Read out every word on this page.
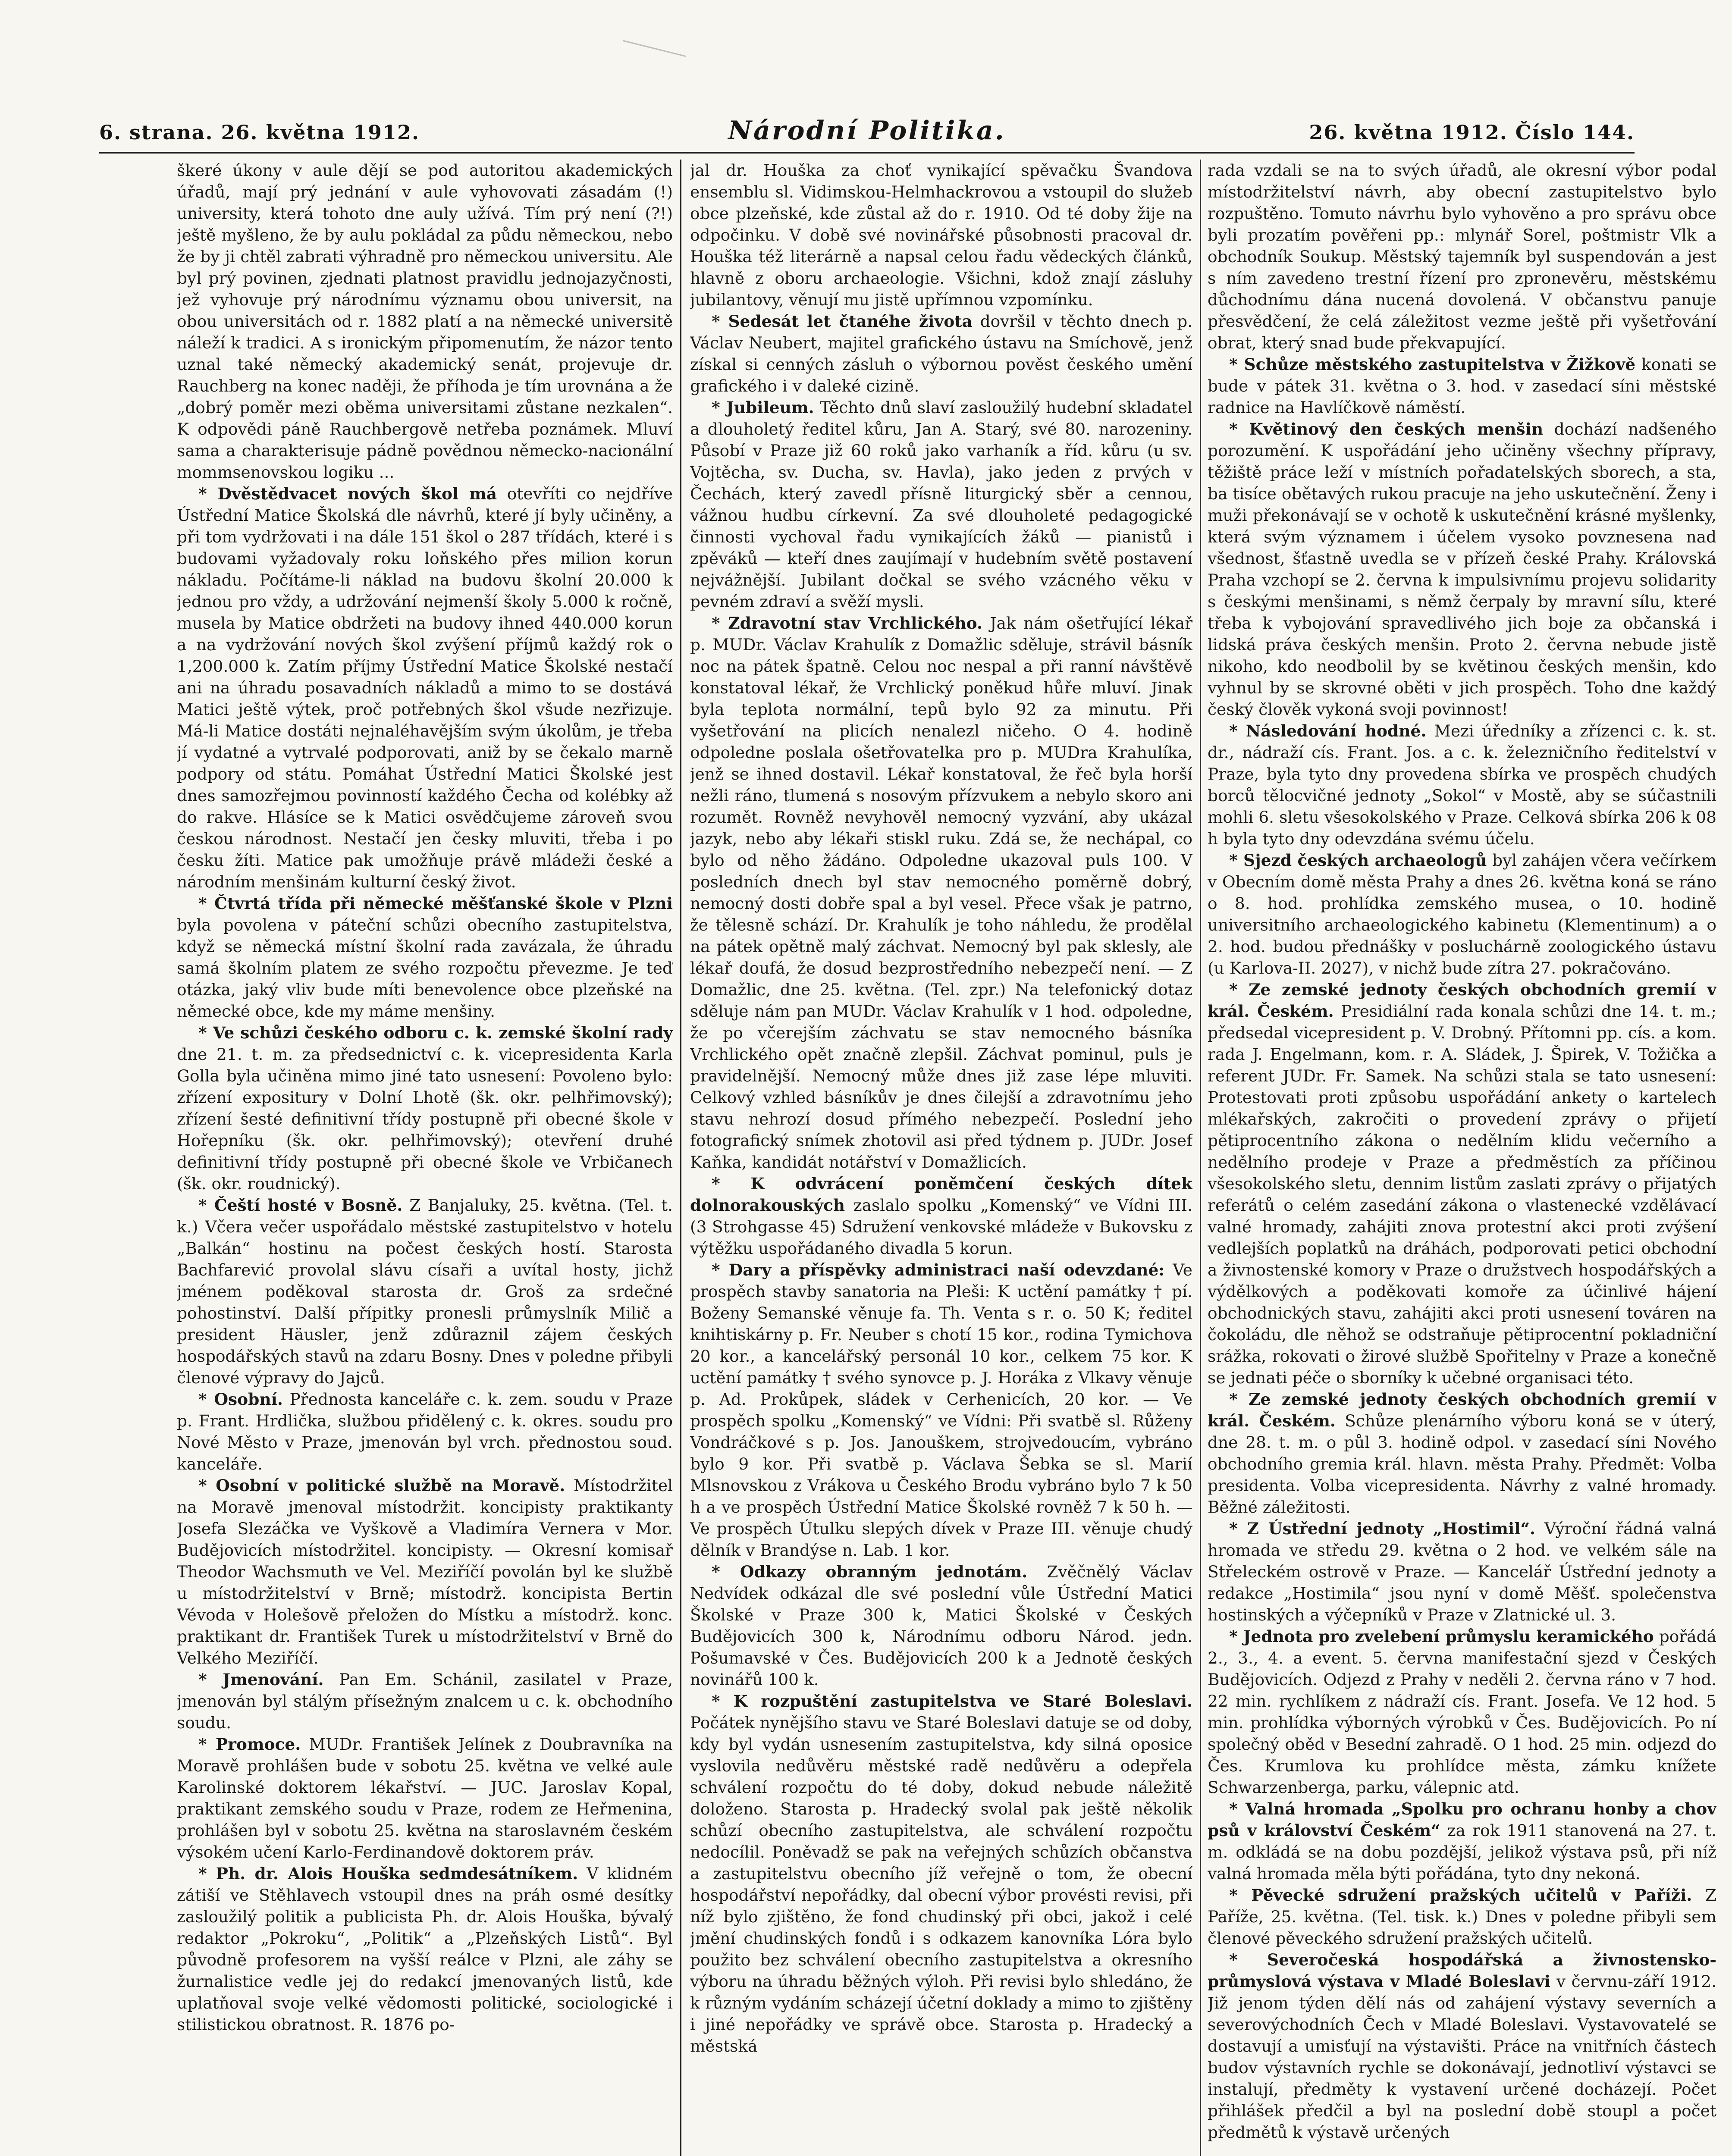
6. strana. 26. května 1912.	Národní Politika.	26. května 1912. Číslo 144.

škeré úkony v aule dějí se pod autoritou akademických úřadů, mají prý jednání v aule vyhovovati zásadám (!) university, která tohoto dne auly užívá. Tím prý není (?!) ještě myšleno, že by aulu pokládal za půdu německou, nebo že by ji chtěl zabrati výhradně pro německou universitu. Ale byl prý povinen, zjednati platnost pravidlu jednojazyčnosti, jež vyhovuje prý národnímu významu obou universit, na obou universitách od r. 1882 platí a na německé universitě náleží k tradici. A s ironickým připomenutím, že názor tento uznal také německý akademický senát, projevuje dr. Rauchberg na konec naději, že příhoda je tím urovnána a že „dobrý poměr mezi oběma universitami zůstane nezkalen“. K odpovědi páně Rauchbergově netřeba poznámek. Mluví sama a charakterisuje pádně povědnou německo-nacionální mommsenovskou logiku ...

* Dvěstědvacet nových škol má otevříti co nejdříve Ústřední Matice Školská dle návrhů, které jí byly učiněny, a při tom vydržovati i na dále 151 škol o 287 třídách, které i s budovami vyžadovaly roku loňského přes milion korun nákladu. Počítáme-li náklad na budovu školní 20.000 k jednou pro vždy, a udržování nejmenší školy 5.000 k ročně, musela by Matice obdržeti na budovy ihned 440.000 korun a na vydržování nových škol zvýšení příjmů každý rok o 1,200.000 k. Zatím příjmy Ústřední Matice Školské nestačí ani na úhradu posavadních nákladů a mimo to se dostává Matici ještě výtek, proč potřebných škol všude nezřizuje. Má-li Matice dostáti nejnaléhavějším svým úkolům, je třeba jí vydatné a vytrvalé podporovati, aniž by se čekalo marně podpory od státu. Pomáhat Ústřední Matici Školské jest dnes samozřejmou povinností každého Čecha od kolébky až do rakve. Hlásíce se k Matici osvědčujeme zároveň svou českou národnost. Nestačí jen česky mluviti, třeba i po česku žíti. Matice pak umožňuje právě mládeži české a národním menšinám kulturní český život.

* Čtvrtá třída při německé měšťanské škole v Plzni byla povolena v páteční schůzi obecního zastupitelstva, když se německá místní školní rada zavázala, že úhradu samá školním platem ze svého rozpočtu převezme. Je teď otázka, jaký vliv bude míti benevolence obce plzeňské na německé obce, kde my máme menšiny.

* Ve schůzi českého odboru c. k. zemské školní rady dne 21. t. m. za předsednictví c. k. vicepresidenta Karla Golla byla učiněna mimo jiné tato usnesení: Povoleno bylo: zřízení expositury v Dolní Lhotě (šk. okr. pelhřimovský); zřízení šesté definitivní třídy postupně při obecné škole v Hořepníku (šk. okr. pelhřimovský); otevření druhé definitivní třídy postupně při obecné škole ve Vrbičanech (šk. okr. roudnický).

* Čeští hosté v Bosně. Z Banjaluky, 25. května. (Tel. t. k.) Včera večer uspořádalo městské zastupitelstvo v hotelu „Balkán“ hostinu na počest českých hostí. Starosta Bachfarević provolal slávu císaři a uvítal hosty, jichž jménem poděkoval starosta dr. Groš za srdečné pohostinství. Další přípitky pronesli průmyslník Milič a president Häusler, jenž zdůraznil zájem českých hospodářských stavů na zdaru Bosny. Dnes v poledne přibyli členové výpravy do Jajců.

* Osobní. Přednosta kanceláře c. k. zem. soudu v Praze p. Frant. Hrdlička, službou přidělený c. k. okres. soudu pro Nové Město v Praze, jmenován byl vrch. přednostou soud. kanceláře.

* Osobní v politické službě na Moravě. Místodržitel na Moravě jmenoval místodržit. koncipisty praktikanty Josefa Slezáčka ve Vyškově a Vladimíra Vernera v Mor. Budějovicích místodržitel. koncipisty. — Okresní komisař Theodor Wachsmuth ve Vel. Meziříčí povolán byl ke službě u místodržitelství v Brně; místodrž. koncipista Bertin Vévoda v Holešově přeložen do Místku a místodrž. konc. praktikant dr. František Turek u místodržitelství v Brně do Velkého Meziříčí.

* Jmenování. Pan Em. Schánil, zasilatel v Praze, jmenován byl stálým přísežným znalcem u c. k. obchodního soudu.

* Promoce. MUDr. František Jelínek z Doubravníka na Moravě prohlášen bude v sobotu 25. května ve velké aule Karolinské doktorem lékařství. — JUC. Jaroslav Kopal, praktikant zemského soudu v Praze, rodem ze Heřmenina, prohlášen byl v sobotu 25. května na staroslavném českém výsokém učení Karlo-Ferdinandově doktorem práv.

* Ph. dr. Alois Houška sedmdesátníkem. V klidném zátiší ve Stěhlavech vstoupil dnes na práh osmé desítky zasloužilý politik a publicista Ph. dr. Alois Houška, bývalý redaktor „Pokroku“, „Politik“ a „Plzeňských Listů“. Byl původně profesorem na vyšší reálce v Plzni, ale záhy se žurnalistice vedle jej do redakcí jmenovaných listů, kde uplatňoval svoje velké vědomosti politické, sociologické i stilistickou obratnost. R. 1876 po-

jal dr. Houška za choť vynikající spěvačku Švandova ensemblu sl. Vidimskou-Helmhackrovou a vstoupil do služeb obce plzeňské, kde zůstal až do r. 1910. Od té doby žije na odpočinku. V době své novinářské působnosti pracoval dr. Houška též literárně a napsal celou řadu vědeckých článků, hlavně z oboru archaeologie. Všichni, kdož znají zásluhy jubilantovy, věnují mu jistě upřímnou vzpomínku.

* Sedesát let čtanéhe života dovršil v těchto dnech p. Václav Neubert, majitel grafického ústavu na Smíchově, jenž získal si cenných zásluh o výbornou pověst českého umění grafického i v daleké cizině.

* Jubileum. Těchto dnů slaví zasloužilý hudební skladatel a dlouholetý ředitel kůru, Jan A. Starý, své 80. narozeniny. Působí v Praze již 60 roků jako varhaník a říd. kůru (u sv. Vojtěcha, sv. Ducha, sv. Havla), jako jeden z prvých v Čechách, který zavedl přísně liturgický sběr a cennou, vážnou hudbu církevní. Za své dlouholeté pedagogické činnosti vychoval řadu vynikajících žáků — pianistů i zpěváků — kteří dnes zaujímají v hudebním světě postavení nejvážnější. Jubilant dočkal se svého vzácného věku v pevném zdraví a svěží mysli.

* Zdravotní stav Vrchlického. Jak nám ošetřující lékař p. MUDr. Václav Krahulík z Domažlic sděluje, strávil básník noc na pátek špatně. Celou noc nespal a při ranní návštěvě konstatoval lékař, že Vrchlický poněkud hůře mluví. Jinak byla teplota normální, tepů bylo 92 za minutu. Při vyšetřování na plicích nenalezl ničeho. O 4. hodině odpoledne poslala ošetřovatelka pro p. MUDra Krahulíka, jenž se ihned dostavil. Lékař konstatoval, že řeč byla horší nežli ráno, tlumená s nosovým přízvukem a nebylo skoro ani rozumět. Rovněž nevyhověl nemocný vyzvání, aby ukázal jazyk, nebo aby lékaři stiskl ruku. Zdá se, že nechápal, co bylo od něho žádáno. Odpoledne ukazoval puls 100. V posledních dnech byl stav nemocného poměrně dobrý, nemocný dosti dobře spal a byl vesel. Přece však je patrno, že tělesně schází. Dr. Krahulík je toho náhledu, že prodělal na pátek opětně malý záchvat. Nemocný byl pak sklesly, ale lékař doufá, že dosud bezprostředního nebezpečí není. — Z Domažlic, dne 25. května. (Tel. zpr.) Na telefonický dotaz sděluje nám pan MUDr. Václav Krahulík v 1 hod. odpoledne, že po včerejším záchvatu se stav nemocného básníka Vrchlického opět značně zlepšil. Záchvat pominul, puls je pravidelnější. Nemocný může dnes již zase lépe mluviti. Celkový vzhled básníkův je dnes čilejší a zdravotnímu jeho stavu nehrozí dosud přímého nebezpečí. Poslední jeho fotografický snímek zhotovil asi před týdnem p. JUDr. Josef Kaňka, kandidát notářství v Domažlicích.

* K odvrácení poněmčení českých dítek dolnorakouských zaslalo spolku „Komenský“ ve Vídni III. (3 Strohgasse 45) Sdružení venkovské mládeže v Bukovsku z výtěžku uspořádaného divadla 5 korun.

* Dary a příspěvky administraci naší odevzdané: Ve prospěch stavby sanatoria na Pleši: K uctění památky † pí. Boženy Semanské věnuje fa. Th. Venta s r. o. 50 K; ředitel knihtiskárny p. Fr. Neuber s chotí 15 kor., rodina Tymichova 20 kor., a kancelářský personál 10 kor., celkem 75 kor. K uctění památky † svého synovce p. J. Horáka z Vlkavy věnuje p. Ad. Prokůpek, sládek v Cerhenicích, 20 kor. — Ve prospěch spolku „Komenský“ ve Vídni: Při svatbě sl. Růženy Vondráčkové s p. Jos. Janouškem, strojvedoucím, vybráno bylo 9 kor. Při svatbě p. Václava Šebka se sl. Marií Mlsnovskou z Vrákova u Českého Brodu vybráno bylo 7 k 50 h a ve prospěch Ústřední Matice Školské rovněž 7 k 50 h. — Ve prospěch Útulku slepých dívek v Praze III. věnuje chudý dělník v Brandýse n. Lab. 1 kor.

* Odkazy obranným jednotám. Zvěčnělý Václav Nedvídek odkázal dle své poslední vůle Ústřední Matici Školské v Praze 300 k, Matici Školské v Českých Budějovicích 300 k, Národnímu odboru Národ. jedn. Pošumavské v Čes. Budějovicích 200 k a Jednotě českých novinářů 100 k.

* K rozpuštění zastupitelstva ve Staré Boleslavi. Počátek nynějšího stavu ve Staré Boleslavi datuje se od doby, kdy byl vydán usnesením zastupitelstva, kdy silná oposice vyslovila nedůvěru městské radě nedůvěru a odepřela schválení rozpočtu do té doby, dokud nebude náležitě doloženo. Starosta p. Hradecký svolal pak ještě několik schůzí obecního zastupitelstva, ale schválení rozpočtu nedocílil. Poněvadž se pak na veřejných schůzích občanstva a zastupitelstvu obecního jíž veřejně o tom, že obecní hospodářství nepořádky, dal obecní výbor provésti revisi, při níž bylo zjištěno, že fond chudinský při obci, jakož i celé jmění chudinských fondů i s odkazem kanovníka Lóra bylo použito bez schválení obecního zastupitelstva a okresního výboru na úhradu běžných výloh. Při revisi bylo shledáno, že k různým vydáním scházejí účetní doklady a mimo to zjištěny i jiné nepořádky ve správě obce. Starosta p. Hradecký a městská

rada vzdali se na to svých úřadů, ale okresní výbor podal místodržitelství návrh, aby obecní zastupitelstvo bylo rozpuštěno. Tomuto návrhu bylo vyhověno a pro správu obce byli prozatím pověřeni pp.: mlynář Sorel, poštmistr Vlk a obchodník Soukup. Městský tajemník byl suspendován a jest s ním zavedeno trestní řízení pro zpronevěru, městskému důchodnímu dána nucená dovolená. V občanstvu panuje přesvědčení, že celá záležitost vezme ještě při vyšetřování obrat, který snad bude překvapující.

* Schůze městského zastupitelstva v Žižkově konati se bude v pátek 31. května o 3. hod. v zasedací síni městské radnice na Havlíčkově náměstí.

* Květinový den českých menšin dochází nadšeného porozumění. K uspořádání jeho učiněny všechny přípravy, těžiště práce leží v místních pořadatelských sborech, a sta, ba tisíce obětavých rukou pracuje na jeho uskutečnění. Ženy i muži překonávají se v ochotě k uskutečnění krásné myšlenky, která svým významem i účelem vysoko povznesena nad všednost, šťastně uvedla se v přízeň české Prahy. Královská Praha vzchopí se 2. června k impulsivnímu projevu solidarity s českými menšinami, s němž čerpaly by mravní sílu, které třeba k vybojování spravedlivého jich boje za občanská i lidská práva českých menšin. Proto 2. června nebude jistě nikoho, kdo neodbolil by se květinou českých menšin, kdo vyhnul by se skrovné oběti v jich prospěch. Toho dne každý český člověk vykoná svoji povinnost!

* Následování hodné. Mezi úředníky a zřízenci c. k. st. dr., nádraží cís. Frant. Jos. a c. k. železničního ředitelství v Praze, byla tyto dny provedena sbírka ve prospěch chudých borců tělocvičné jednoty „Sokol“ v Mostě, aby se súčastnili mohli 6. sletu všesokolského v Praze. Celková sbírka 206 k 08 h byla tyto dny odevzdána svému účelu.

* Sjezd českých archaeologů byl zahájen včera večírkem v Obecním domě města Prahy a dnes 26. května koná se ráno o 8. hod. prohlídka zemského musea, o 10. hodině universitního archaeologického kabinetu (Klementinum) a o 2. hod. budou přednášky v posluchárně zoologického ústavu (u Karlova-II. 2027), v nichž bude zítra 27. pokračováno.

* Ze zemské jednoty českých obchodních gremií v král. Českém. Presidiální rada konala schůzi dne 14. t. m.; předsedal vicepresident p. V. Drobný. Přítomni pp. cís. a kom. rada J. Engelmann, kom. r. A. Sládek, J. Špirek, V. Tožička a referent JUDr. Fr. Samek. Na schůzi stala se tato usnesení: Protestovati proti způsobu uspořádání ankety o kartelech mlékařských, zakročiti o provedení zprávy o přijetí pětiprocentního zákona o nedělním klidu večerního a nedělního prodeje v Praze a předměstích za příčinou všesokolského sletu, dennim listům zaslati zprávy o přijatých referátů o celém zasedání zákona o vlastenecké vzdělávací valné hromady, zahájiti znova protestní akci proti zvýšení vedlejších poplatků na dráhách, podporovati petici obchodní a živnostenské komory v Praze o družstvech hospodářských a výdělkových a poděkovati komoře za účinlivé hájení obchodnických stavu, zahájiti akci proti usnesení továren na čokoládu, dle něhož se odstraňuje pětiprocentní pokladniční srážka, rokovati o žirové službě Spořitelny v Praze a konečně se jednati péče o sborníky k učebné organisaci této.

* Ze zemské jednoty českých obchodních gremií v král. Českém. Schůze plenárního výboru koná se v úterý, dne 28. t. m. o půl 3. hodině odpol. v zasedací síni Nového obchodního gremia král. hlavn. města Prahy. Předmět: Volba presidenta. Volba vicepresidenta. Návrhy z valné hromady. Běžné záležitosti.

* Z Ústřední jednoty „Hostimil“. Výroční řádná valná hromada ve středu 29. května o 2 hod. ve velkém sále na Střeleckém ostrově v Praze. — Kancelář Ústřední jednoty a redakce „Hostimila“ jsou nyní v domě Měšť. společenstva hostinských a výčepníků v Praze v Zlatnické ul. 3.

* Jednota pro zvelebení průmyslu keramického pořádá 2., 3., 4. a event. 5. června manifestační sjezd v Českých Budějovicích. Odjezd z Prahy v neděli 2. června ráno v 7 hod. 22 min. rychlíkem z nádraží cís. Frant. Josefa. Ve 12 hod. 5 min. prohlídka výborných výrobků v Čes. Budějovicích. Po ní společný oběd v Besední zahradě. O 1 hod. 25 min. odjezd do Čes. Krumlova ku prohlídce města, zámku knížete Schwarzenberga, parku, válepnic atd.

* Valná hromada „Spolku pro ochranu honby a chov psů v království Českém“ za rok 1911 stanovená na 27. t. m. odkládá se na dobu pozdější, jelikož výstava psů, při níž valná hromada měla býti pořádána, tyto dny nekoná.

* Pěvecké sdružení pražských učitelů v Paříži. Z Paříže, 25. května. (Tel. tisk. k.) Dnes v poledne přibyli sem členové pěveckého sdružení pražských učitelů.

* Severočeská hospodářská a živnostensko-průmyslová výstava v Mladé Boleslavi v červnu-září 1912. Již jenom týden dělí nás od zahájení výstavy severních a severovýchodních Čech v Mladé Boleslavi. Vystavovatelé se dostavují a umisťují na výstavišti. Práce na vnitřních částech budov výstavních rychle se dokonávají, jednotliví výstavci se instalují, předměty k vystavení určené docházejí. Počet přihlášek předčil a byl na poslední době stoupl a počet předmětů k výstavě určených
